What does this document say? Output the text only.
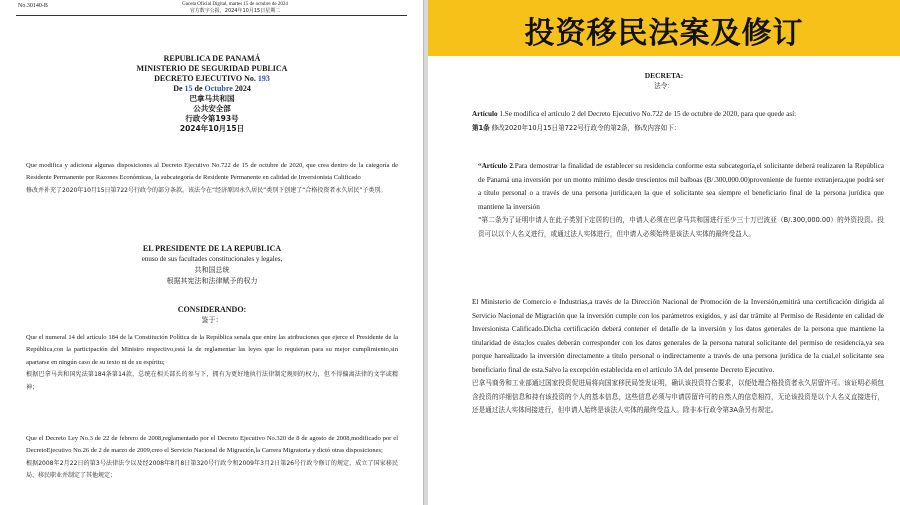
No.30140-B	Gaceta Oficial Digital, martes 15 de octubre de 2024
官方数字公报，2024年10月15日星期二
REPUBLICA DE PANAMÁ
MINISTERIO DE SEGURIDAD PUBLICA
DECRETO EJECUTIVO No. 193
De 15 de Octubre 2024
巴拿马共和国
公共安全部
行政令第193号
2024年10月15日
Que modifica y adiciona algunas disposiciones al Decreto Ejecutivo No.722 de 15 de octubre de 2020, que crea dentro de la categoría de Residente Permanente por Razones Económicas, la subcategoría de Residente Permanente en calidad de Inversionista Calificado
修改并补充了2020年10月15日第722号行政令的部分条款。该法令在“经济原因永久居民”类别下创建了“合格投资者永久居民”子类别。
EL PRESIDENTE DE LA REPUBLICA
enuso de sus facultades constitucionales y legales,
共和国总统
根据其宪法和法律赋予的权力
CONSIDERANDO:
鉴于：
Que el numeral 14 del artículo 184 de la Constitución Política de la República senala que entre las atribuciones que ejerce el Presidente de la República,con la participación del Ministro respectivo,está la de reglamentar las leyes que lo requieran para su mejor cumplimiento,sin apartarse en ningún caso de su texto ni de su espíritu;
根据巴拿马共和国宪法第184条第14款，总统在相关部长的参与下，拥有为更好地执行法律制定规则的权力，但不得偏离法律的文字或精神；
Que el Decreto Ley No.3 de 22 de febrero de 2008,reglamentado por el Decreto Ejecutivo No.320 de 8 de agosto de 2008,modificado por el DecretoEjecutivo No.26 de 2 de marzo de 2009,creo el Servicio Nacional de Migración,la Carrera Migratoria y dictó otras disposiciones;
根据2008年2月22日的第3号法律法令以及经2008年8月8日第320号行政令和2009年3月2日第26号行政令修订的规定，成立了国家移民局、移民职业并制定了其他规定；
投资移民法案及修订
DECRETA:
法令：
Artículo 1.Se modifica el artículo 2 del Decreto Ejecutivo No.722 de 15 de octubre de 2020, para que quede así:
第1条 修改2020年10月15日第722号行政令的第2条，修改内容如下：
“Artículo 2.Para demostrar la finalidad de establecer su residencia conforme esta subcategoría,el solicitante deberá realizaren la República de Panamá una inversión por un monto mínimo desde trescientos mil balboas (B/.300,000.00)proveniente de fuente extranjera,que podrá ser a título personal o a través de una persona jurídica,en la que el solicitante sea siempre el beneficiario final de la persona jurídica que mantiene la inversión
“第二条为了证明申请人在此子类别下定居的目的，申请人必须在巴拿马共和国进行至少三十万巴波亚（B/.300,000.00）的外资投资。投资可以以个人名义进行，或通过法人实体进行，但申请人必须始终是该法人实体的最终受益人。
El Ministerio de Comercio e Industrias,a través de la Dirección Nacional de Promoción de la Inversión,emitirá una certificación dirigida al Servicio Nacional de Migración que la inversión cumple con los parámetros exigidos, y así dar trámite al Permiso de Residente en calidad de Inversionista Calificado.Dicha certificación deberá contener el detalle de la inversión y los datos generales de la persona que mantiene la titularidad de ésta;los cuales deberán corresponder con los datos generales de la persona natural solicitante del permiso de residencia,ya sea porque harealizado la inversión directamente a título personal o indirectamente a través de una persona jurídica de la cual,el solicitante sea beneficiario final de esta.Salvo la excepción establecida en el artículo 3A del presente Decreto Ejecutivo.
巴拿马商务和工业部通过国家投资促进局将向国家移民局签发证明，确认该投资符合要求，以便处理合格投资者永久居留许可。该证明必须包含投资的详细信息和持有该投资的个人的基本信息，这些信息必须与申请居留许可的自然人的信息相符，无论该投资是以个人名义直接进行，还是通过法人实体间接进行，但申请人始终是该法人实体的最终受益人。除非本行政令第3A条另有规定。
